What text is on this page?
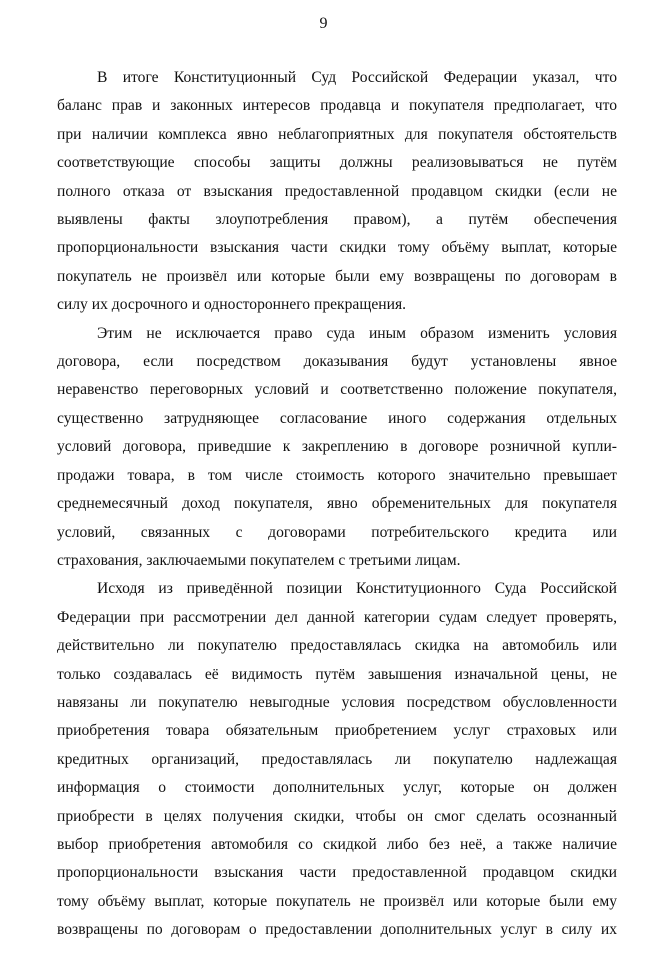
9

В итоге Конституционный Суд Российской Федерации указал, что
баланс прав и законных интересов продавца и покупателя предполагает, что
при наличии комплекса явно неблагоприятных для покупателя обстоятельств
соответствующие способы защиты должны реализовываться не путём
полного отказа от взыскания предоставленной продавцом скидки (если не
выявлены факты злоупотребления правом), а путём обеспечения
пропорциональности взыскания части скидки тому объёму выплат, которые
покупатель не произвёл или которые были ему возвращены по договорам в
силу их досрочного и одностороннего прекращения.

Этим не исключается право суда иным образом изменить условия
договора, если посредством доказывания будут установлены явное
неравенство переговорных условий и соответственно положение покупателя,
существенно затрудняющее согласование иного содержания отдельных
условий договора, приведшие к закреплению в договоре розничной купли-
продажи товара, в том числе стоимость которого значительно превышает
среднемесячный доход покупателя, явно обременительных для покупателя
условий, связанных с договорами потребительского кредита или
страхования, заключаемыми покупателем с третьими лицам.

Исходя из приведённой позиции Конституционного Суда Российской
Федерации при рассмотрении дел данной категории судам следует проверять,
действительно ли покупателю предоставлялась скидка на автомобиль или
только создавалась её видимость путём завышения изначальной цены, не
навязаны ли покупателю невыгодные условия посредством обусловленности
приобретения товара обязательным приобретением услуг страховых или
кредитных организаций, предоставлялась ли покупателю надлежащая
информация о стоимости дополнительных услуг, которые он должен
приобрести в целях получения скидки, чтобы он смог сделать осознанный
выбор приобретения автомобиля со скидкой либо без неё, а также наличие
пропорциональности взыскания части предоставленной продавцом скидки
тому объёму выплат, которые покупатель не произвёл или которые были ему
возвращены по договорам о предоставлении дополнительных услуг в силу их
